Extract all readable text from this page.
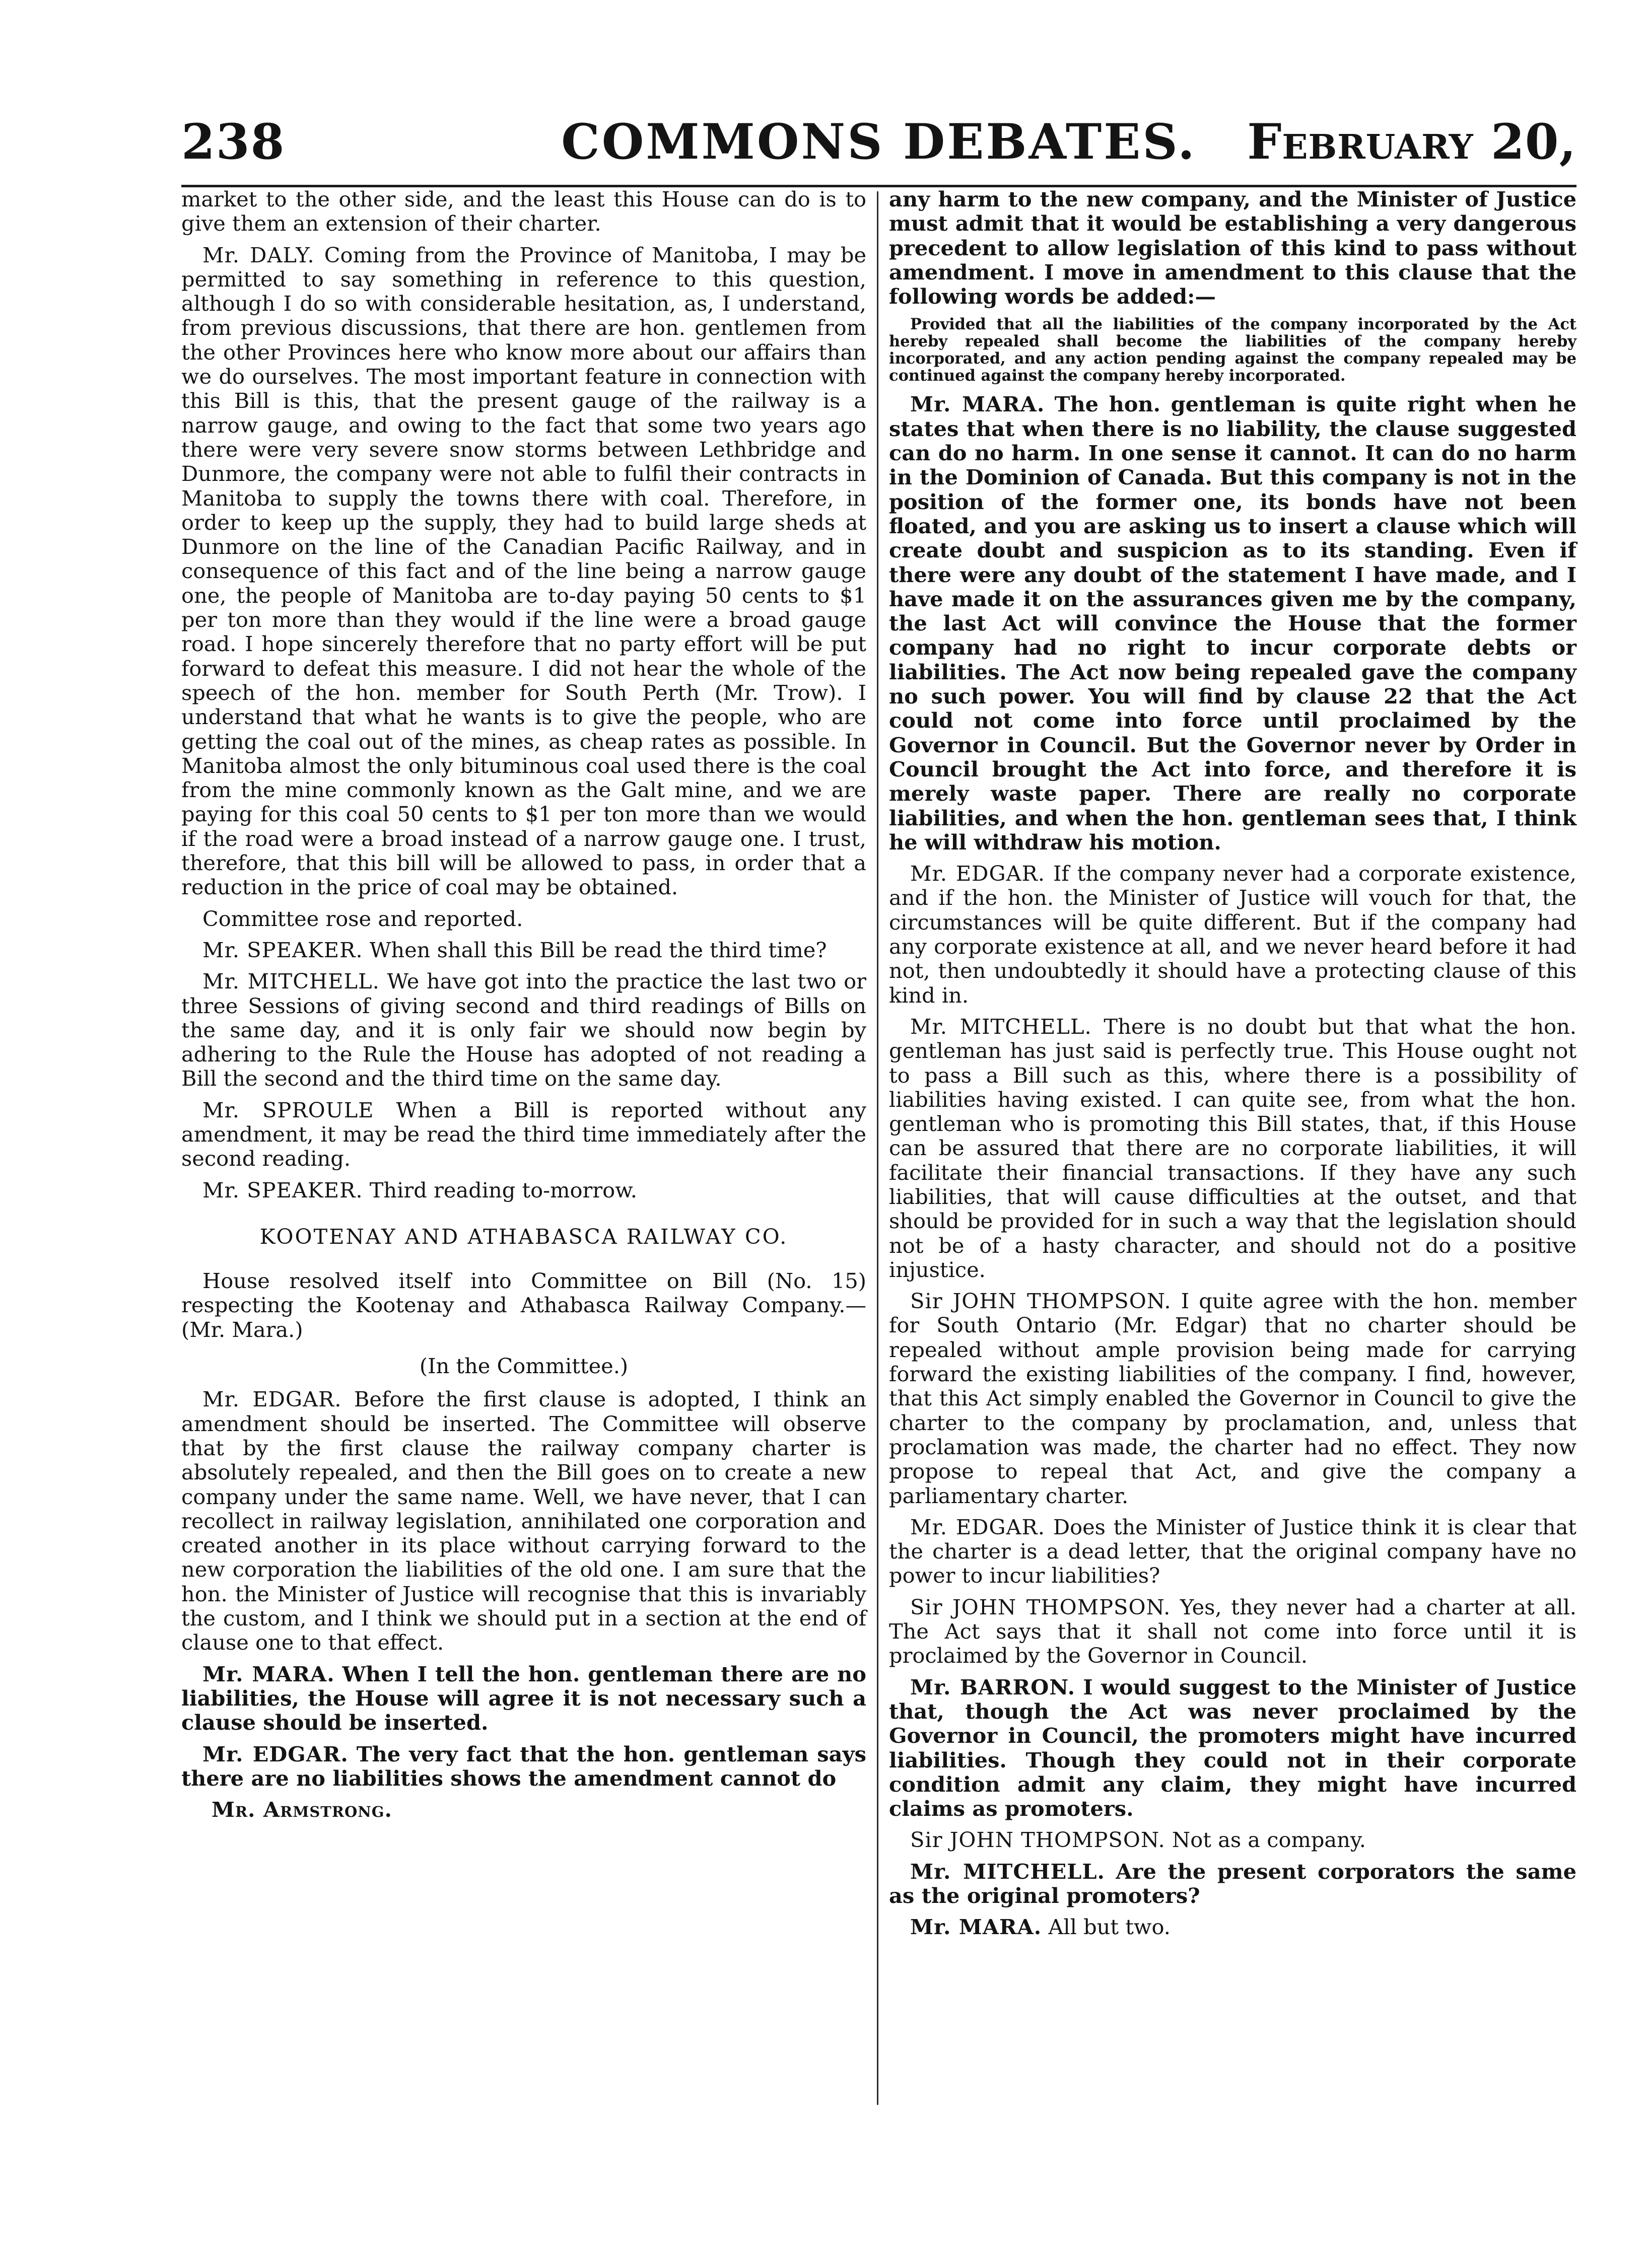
238	COMMONS DEBATES.	February 20,

market to the other side, and the least this House can do is to give them an extension of their charter.

Mr. DALY. Coming from the Province of Manitoba, I may be permitted to say something in reference to this question, although I do so with considerable hesitation, as, I understand, from previous discussions, that there are hon. gentlemen from the other Provinces here who know more about our affairs than we do ourselves. The most important feature in connection with this Bill is this, that the present gauge of the railway is a narrow gauge, and owing to the fact that some two years ago there were very severe snow storms between Lethbridge and Dunmore, the company were not able to fulfil their contracts in Manitoba to supply the towns there with coal. Therefore, in order to keep up the supply, they had to build large sheds at Dunmore on the line of the Canadian Pacific Railway, and in consequence of this fact and of the line being a narrow gauge one, the people of Manitoba are to-day paying 50 cents to $1 per ton more than they would if the line were a broad gauge road. I hope sincerely therefore that no party effort will be put forward to defeat this measure. I did not hear the whole of the speech of the hon. member for South Perth (Mr. Trow). I understand that what he wants is to give the people, who are getting the coal out of the mines, as cheap rates as possible. In Manitoba almost the only bituminous coal used there is the coal from the mine commonly known as the Galt mine, and we are paying for this coal 50 cents to $1 per ton more than we would if the road were a broad instead of a narrow gauge one. I trust, therefore, that this bill will be allowed to pass, in order that a reduction in the price of coal may be obtained.

Committee rose and reported.

Mr. SPEAKER. When shall this Bill be read the third time?

Mr. MITCHELL. We have got into the practice the last two or three Sessions of giving second and third readings of Bills on the same day, and it is only fair we should now begin by adhering to the Rule the House has adopted of not reading a Bill the second and the third time on the same day.

Mr. SPROULE When a Bill is reported without any amendment, it may be read the third time immediately after the second reading.

Mr. SPEAKER. Third reading to-morrow.

KOOTENAY AND ATHABASCA RAILWAY CO.

House resolved itself into Committee on Bill (No. 15) respecting the Kootenay and Athabasca Railway Company.—(Mr. Mara.)

(In the Committee.)

Mr. EDGAR. Before the first clause is adopted, I think an amendment should be inserted. The Committee will observe that by the first clause the railway company charter is absolutely repealed, and then the Bill goes on to create a new company under the same name. Well, we have never, that I can recollect in railway legislation, annihilated one corporation and created another in its place without carrying forward to the new corporation the liabilities of the old one. I am sure that the hon. the Minister of Justice will recognise that this is invariably the custom, and I think we should put in a section at the end of clause one to that effect.

Mr. MARA. When I tell the hon. gentleman there are no liabilities, the House will agree it is not necessary such a clause should be inserted.

Mr. EDGAR. The very fact that the hon. gentleman says there are no liabilities shows the amendment cannot do

Mr. Armstrong.

any harm to the new company, and the Minister of Justice must admit that it would be establishing a very dangerous precedent to allow legislation of this kind to pass without amendment. I move in amendment to this clause that the following words be added:—

Provided that all the liabilities of the company incorporated by the Act hereby repealed shall become the liabilities of the company hereby incorporated, and any action pending against the company repealed may be continued against the company hereby incorporated.

Mr. MARA. The hon. gentleman is quite right when he states that when there is no liability, the clause suggested can do no harm. In one sense it cannot. It can do no harm in the Dominion of Canada. But this company is not in the position of the former one, its bonds have not been floated, and you are asking us to insert a clause which will create doubt and suspicion as to its standing. Even if there were any doubt of the statement I have made, and I have made it on the assurances given me by the company, the last Act will convince the House that the former company had no right to incur corporate debts or liabilities. The Act now being repealed gave the company no such power. You will find by clause 22 that the Act could not come into force until proclaimed by the Governor in Council. But the Governor never by Order in Council brought the Act into force, and therefore it is merely waste paper. There are really no corporate liabilities, and when the hon. gentleman sees that, I think he will withdraw his motion.

Mr. EDGAR. If the company never had a corporate existence, and if the hon. the Minister of Justice will vouch for that, the circumstances will be quite different. But if the company had any corporate existence at all, and we never heard before it had not, then undoubtedly it should have a protecting clause of this kind in.

Mr. MITCHELL. There is no doubt but that what the hon. gentleman has just said is perfectly true. This House ought not to pass a Bill such as this, where there is a possibility of liabilities having existed. I can quite see, from what the hon. gentleman who is promoting this Bill states, that, if this House can be assured that there are no corporate liabilities, it will facilitate their financial transactions. If they have any such liabilities, that will cause difficulties at the outset, and that should be provided for in such a way that the legislation should not be of a hasty character, and should not do a positive injustice.

Sir JOHN THOMPSON. I quite agree with the hon. member for South Ontario (Mr. Edgar) that no charter should be repealed without ample provision being made for carrying forward the existing liabilities of the company. I find, however, that this Act simply enabled the Governor in Council to give the charter to the company by proclamation, and, unless that proclamation was made, the charter had no effect. They now propose to repeal that Act, and give the company a parliamentary charter.

Mr. EDGAR. Does the Minister of Justice think it is clear that the charter is a dead letter, that the original company have no power to incur liabilities?

Sir JOHN THOMPSON. Yes, they never had a charter at all. The Act says that it shall not come into force until it is proclaimed by the Governor in Council.

Mr. BARRON. I would suggest to the Minister of Justice that, though the Act was never proclaimed by the Governor in Council, the promoters might have incurred liabilities. Though they could not in their corporate condition admit any claim, they might have incurred claims as promoters.

Sir JOHN THOMPSON. Not as a company.

Mr. MITCHELL. Are the present corporators the same as the original promoters?

Mr. MARA. All but two.
